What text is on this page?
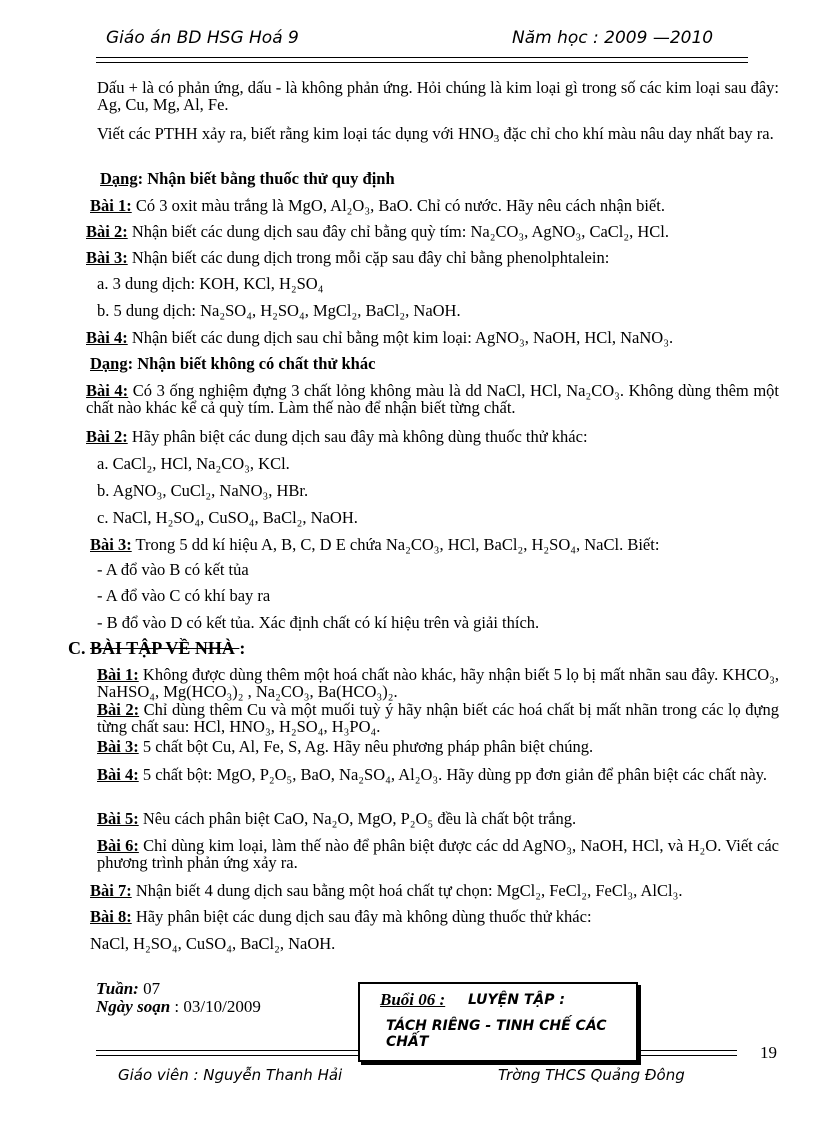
Giáo án BD HSG Hoá 9	Năm học : 2009 —2010
Dấu + là có phản ứng, dấu - là không phản ứng. Hỏi chúng là kim loại gì trong số các kim loại sau đây: Ag, Cu, Mg, Al, Fe.
Viết các PTHH xảy ra, biết rằng kim loại tác dụng với $HNO_3$ đặc chỉ cho khí màu nâu day nhất bay ra.
Dạng: Nhận biết bằng thuốc thử quy định
Bài 1: Có 3 oxit màu trắng là MgO, Al₂O₃, BaO. Chỉ có nước. Hãy nêu cách nhận biết.
Bài 2: Nhận biết các dung dịch sau đây chỉ bằng quỳ tím: Na₂CO₃, AgNO₃, CaCl₂, HCl.
Bài 3: Nhận biết các dung dịch trong mỗi cặp sau đây chỉ bằng phenolphtalein:
a. 3 dung dịch: KOH, KCl, H₂SO₄
b. 5 dung dịch: Na₂SO₄, H₂SO₄, MgCl₂, BaCl₂, NaOH.
Bài 4: Nhận biết các dung dịch sau chỉ bằng một kim loại: AgNO₃, NaOH, HCl, NaNO₃.
Dạng: Nhận biết không có chất thử khác
Bài 4: Có 3 ống nghiệm đựng 3 chất lỏng không màu là dd NaCl, HCl, Na₂CO₃. Không dùng thêm một chất nào khác kể cả quỳ tím. Làm thế nào để nhận biết từng chất.
Bài 2: Hãy phân biệt các dung dịch sau đây mà không dùng thuốc thử khác:
a. CaCl₂, HCl, Na₂CO₃, KCl.
b. AgNO₃, CuCl₂, NaNO₃, HBr.
c. NaCl, H₂SO₄, CuSO₄, BaCl₂, NaOH.
Bài 3: Trong 5 dd kí hiệu A, B, C, D E chứa Na₂CO₃, HCl, BaCl₂, H₂SO₄, NaCl. Biết:
- A đổ vào B có kết tủa
- A đổ vào C có khí bay ra
- B đổ vào D có kết tủa. Xác định chất có kí hiệu trên và giải thích.
C. BÀI TẬP VỀ NHÀ :
Bài 1: Không được dùng thêm một hoá chất nào khác, hãy nhận biết 5 lọ bị mất nhãn sau đây. KHCO₃, NaHSO₄, Mg(HCO₃)₂ , Na₂CO₃, Ba(HCO₃)₂.
Bài 2: Chỉ dùng thêm Cu và một muối tuỳ ý hãy nhận biết các hoá chất bị mất nhãn trong các lọ đựng từng chất sau: HCl, HNO₃, H₂SO₄, H₃PO₄.
Bài 3: 5 chất bột Cu, Al, Fe, S, Ag. Hãy nêu phương pháp phân biệt chúng.
Bài 4: 5 chất bột: MgO, P₂O₅, BaO, Na₂SO₄, Al₂O₃. Hãy dùng pp đơn giản để phân biệt các chất này.
Bài 5: Nêu cách phân biệt CaO, Na₂O, MgO, P₂O₅ đều là chất bột trắng.
Bài 6: Chỉ dùng kim loại, làm thế nào để phân biệt được các dd AgNO₃, NaOH, HCl, và H₂O. Viết các phương trình phản ứng xảy ra.
Bài 7: Nhận biết 4 dung dịch sau bằng một hoá chất tự chọn: MgCl₂, FeCl₂, FeCl₃, AlCl₃.
Bài 8: Hãy phân biệt các dung dịch sau đây mà không dùng thuốc thử khác:
NaCl, H₂SO₄, CuSO₄, BaCl₂, NaOH.
Tuần: 07
Ngày soạn : 03/10/2009	Buổi 06 : LUYỆN TẬP :
TÁCH RIÊNG - TINH CHẾ CÁC CHẤT
19
Giáo viên : Nguyễn Thanh Hải	Trờng THCS Quảng Đông
